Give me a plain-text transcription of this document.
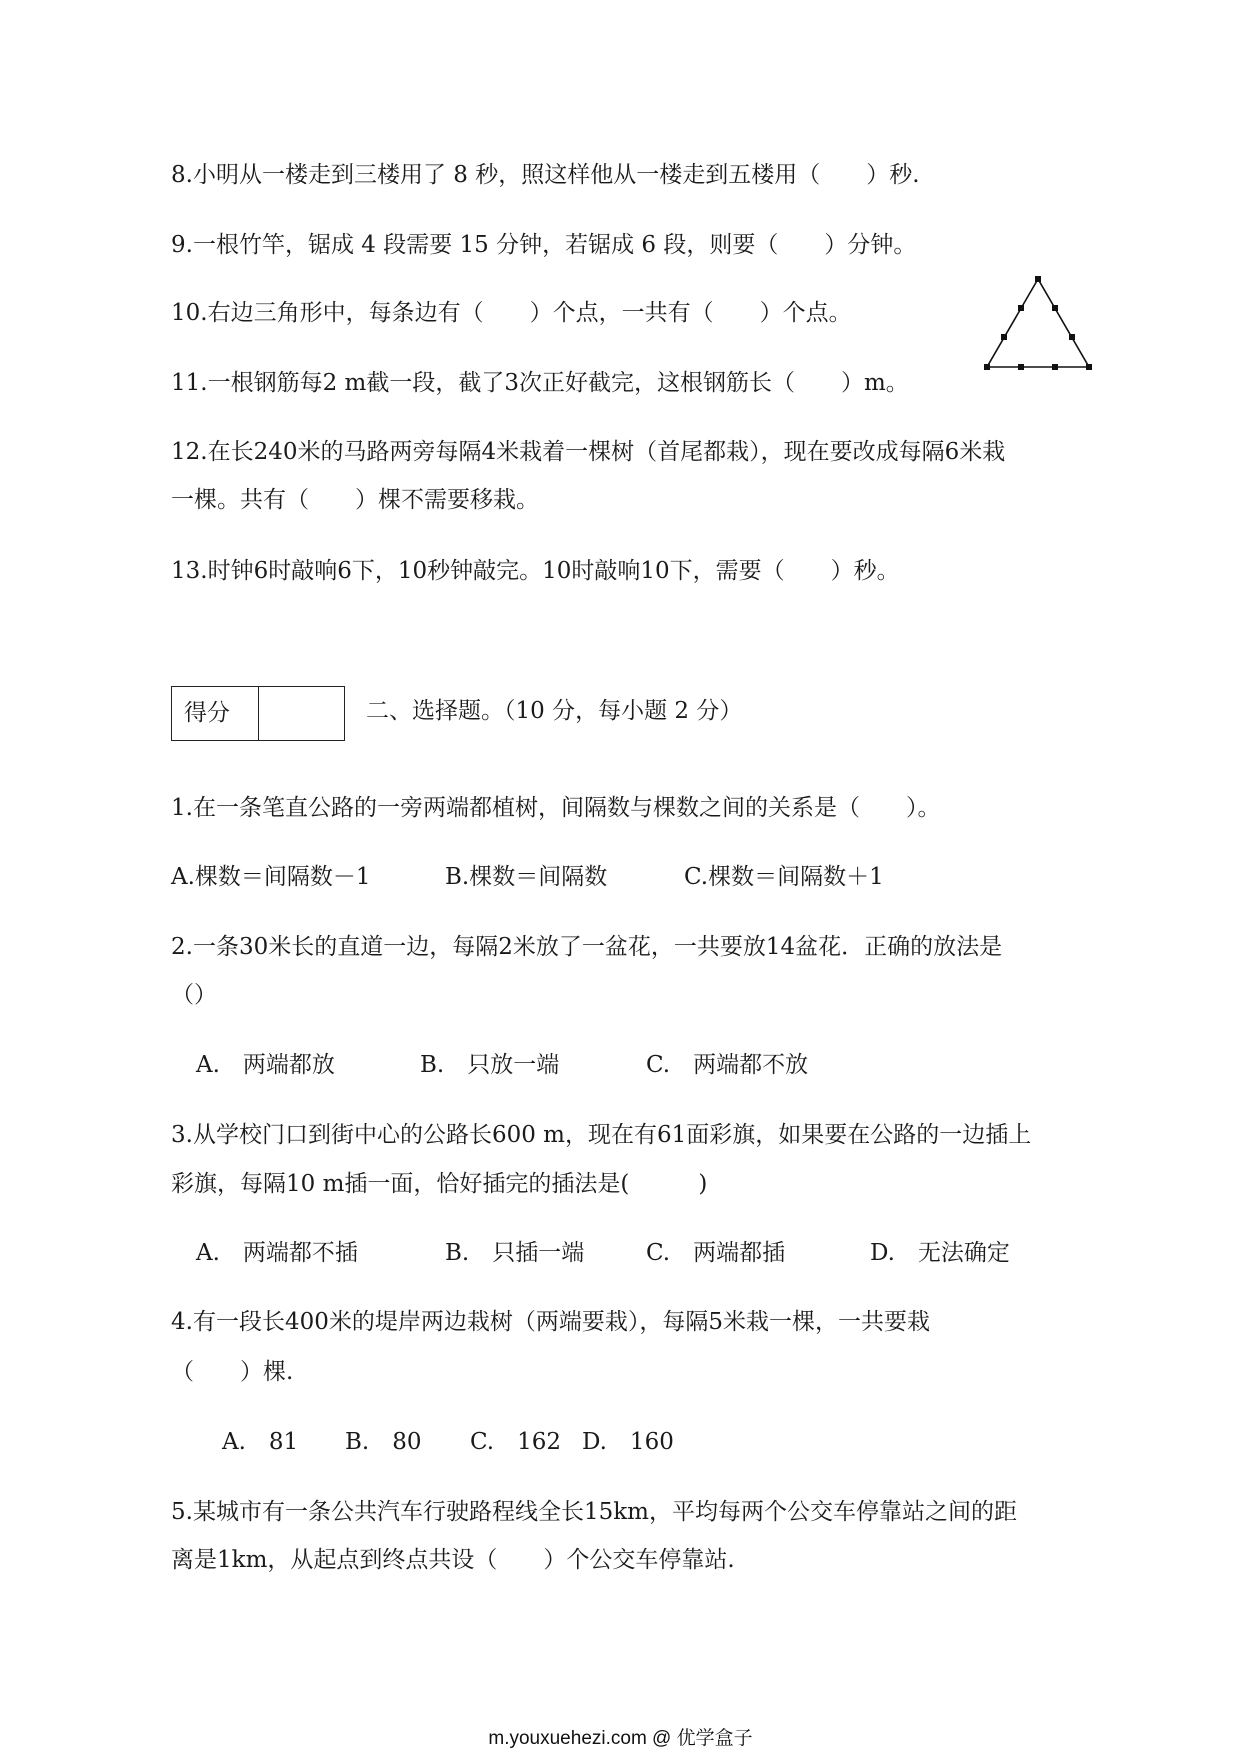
8.小明从一楼走到三楼用了 8 秒，照这样他从一楼走到五楼用（　　）秒.
9.一根竹竿，锯成 4 段需要 15 分钟，若锯成 6 段，则要（　　）分钟。
10.右边三角形中，每条边有（　　）个点，一共有（　　）个点。
11.一根钢筋每2 m截一段，截了3次正好截完，这根钢筋长（　　）m。
12.在长240米的马路两旁每隔4米栽着一棵树（首尾都栽），现在要改成每隔6米栽
一棵。共有（　　）棵不需要移栽。
13.时钟6时敲响6下，10秒钟敲完。10时敲响10下，需要（　　）秒。
得分	二、选择题。（10 分，每小题 2 分）
1.在一条笔直公路的一旁两端都植树，间隔数与棵数之间的关系是（　　）。
A.棵数＝间隔数－1	B.棵数＝间隔数	C.棵数＝间隔数＋1
2.一条30米长的直道一边，每隔2米放了一盆花，一共要放14盆花．正确的放法是
（）
A.　两端都放	B.　只放一端	C.　两端都不放
3.从学校门口到街中心的公路长600 m，现在有61面彩旗，如果要在公路的一边插上
彩旗，每隔10 m插一面，恰好插完的插法是(　　　)
A.　两端都不插	B.　只插一端	C.　两端都插	D.　无法确定
4.有一段长400米的堤岸两边栽树（两端要栽），每隔5米栽一棵，一共要栽
（　　）棵.
A.　81 B.　80 C.　162 D.　160
5.某城市有一条公共汽车行驶路程线全长15km，平均每两个公交车停靠站之间的距
离是1km，从起点到终点共设（　　）个公交车停靠站.
m.youxuehezi.com @ 优学盒子
